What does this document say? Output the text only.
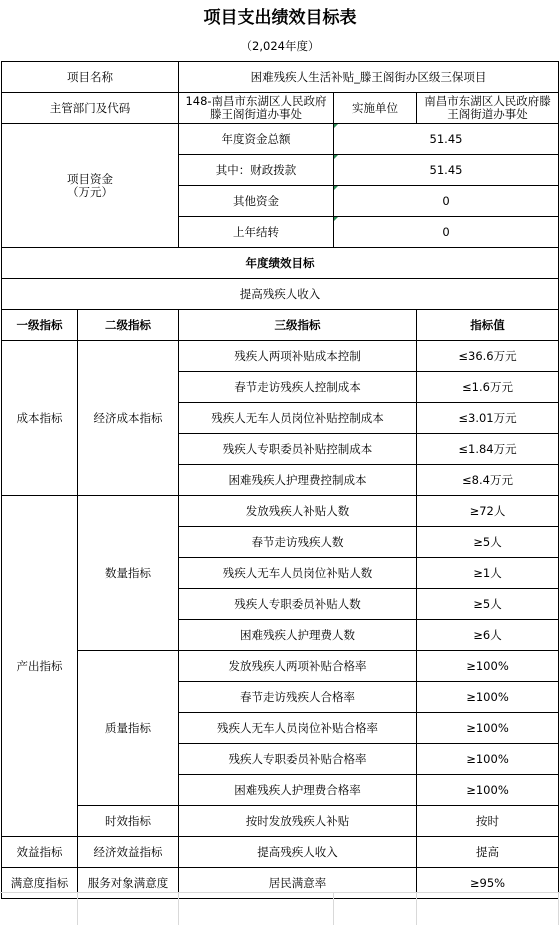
项目支出绩效目标表
（2,024年度）
项目名称		困难残疾人生活补贴_滕王阁街办区级三保项目		
主管部门及代码		148-南昌市东湖区人民政府滕王阁街道办事处	实施单位	南昌市东湖区人民政府滕王阁街道办事处
项目资金
（万元）		年度资金总额	51.45	
		其中：财政拨款	51.45	
		其他资金	0	
		上年结转	0	
年度绩效目标				
提高残疾人收入				
一级指标	二级指标	三级指标		指标值
成本指标	经济成本指标	残疾人两项补贴成本控制		≤36.6万元
		春节走访残疾人控制成本		≤1.6万元
		残疾人无车人员岗位补贴控制成本		≤3.01万元
		残疾人专职委员补贴控制成本		≤1.84万元
		困难残疾人护理费控制成本		≤8.4万元
产出指标	数量指标	发放残疾人补贴人数		≥72人
		春节走访残疾人数		≥5人
		残疾人无车人员岗位补贴人数		≥1人
		残疾人专职委员补贴人数		≥5人
		困难残疾人护理费人数		≥6人
	质量指标	发放残疾人两项补贴合格率		≥100%
		春节走访残疾人合格率		≥100%
		残疾人无车人员岗位补贴合格率		≥100%
		残疾人专职委员补贴合格率		≥100%
		困难残疾人护理费合格率		≥100%
	时效指标	按时发放残疾人补贴		按时
效益指标	经济效益指标	提高残疾人收入		提高
满意度指标	服务对象满意度	居民满意率		≥95%
